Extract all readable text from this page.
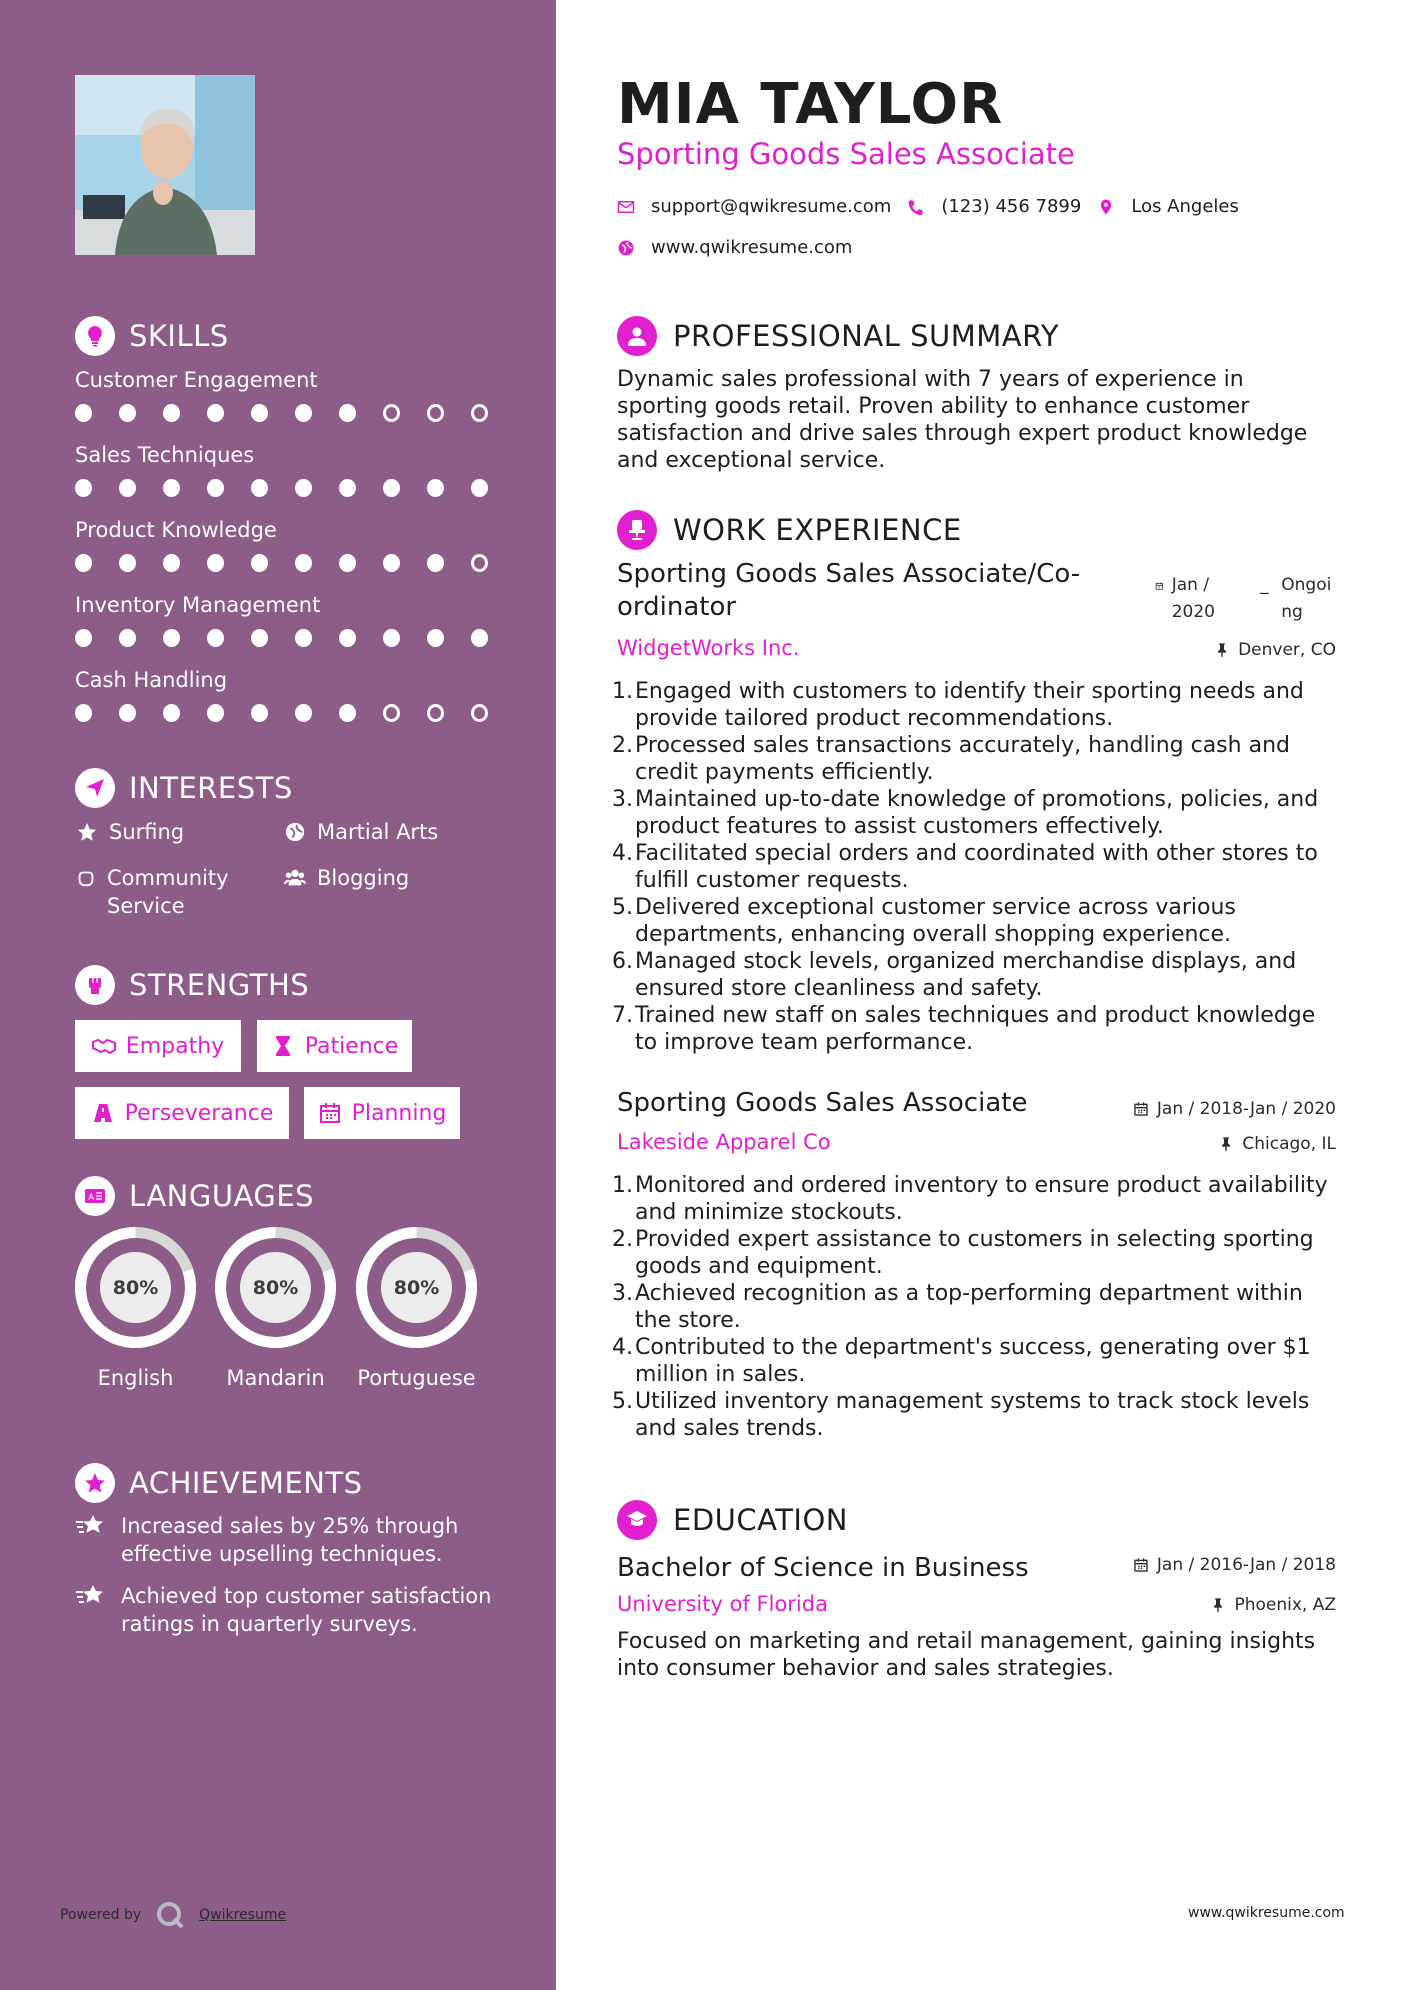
SKILLS
Customer Engagement
Sales Techniques
Product Knowledge
Inventory Management
Cash Handling
INTERESTS
Surfing	Martial Arts
Community Service
Blogging
STRENGTHS
Empathy	Patience
Perseverance	Planning
A LANGUAGES
80%
English
80%
Mandarin
80%
Portuguese
ACHIEVEMENTS
Increased sales by 25% through effective upselling techniques.
Achieved top customer satisfaction ratings in quarterly surveys.
Powered by	Qwikresume
MIA TAYLOR
Sporting Goods Sales Associate
support@qwikresume.com	(123) 456 7899	Los Angeles
www.qwikresume.com
PROFESSIONAL SUMMARY
Dynamic sales professional with 7 years of experience in sporting goods retail. Proven ability to enhance customer satisfaction and drive sales through expert product knowledge and exceptional service.
WORK EXPERIENCE
Sporting Goods Sales Associate/Co-ordinator
Jan / 2020
_ Ongoing
WidgetWorks Inc.	Denver, CO
1. Engaged with customers to identify their sporting needs and provide tailored product recommendations.
2. Processed sales transactions accurately, handling cash and credit payments efficiently.
3. Maintained up-to-date knowledge of promotions, policies, and product features to assist customers effectively.
4. Facilitated special orders and coordinated with other stores to fulfill customer requests.
5. Delivered exceptional customer service across various departments, enhancing overall shopping experience.
6. Managed stock levels, organized merchandise displays, and ensured store cleanliness and safety.
7. Trained new staff on sales techniques and product knowledge to improve team performance.
Sporting Goods Sales Associate	Jan / 2018-Jan / 2020
Lakeside Apparel Co	Chicago, IL
1. Monitored and ordered inventory to ensure product availability and minimize stockouts.
2. Provided expert assistance to customers in selecting sporting goods and equipment.
3. Achieved recognition as a top-performing department within the store.
4. Contributed to the department's success, generating over $1 million in sales.
5. Utilized inventory management systems to track stock levels and sales trends.
EDUCATION
Bachelor of Science in Business	Jan / 2016-Jan / 2018
University of Florida	Phoenix, AZ
Focused on marketing and retail management, gaining insights into consumer behavior and sales strategies.
www.qwikresume.com
